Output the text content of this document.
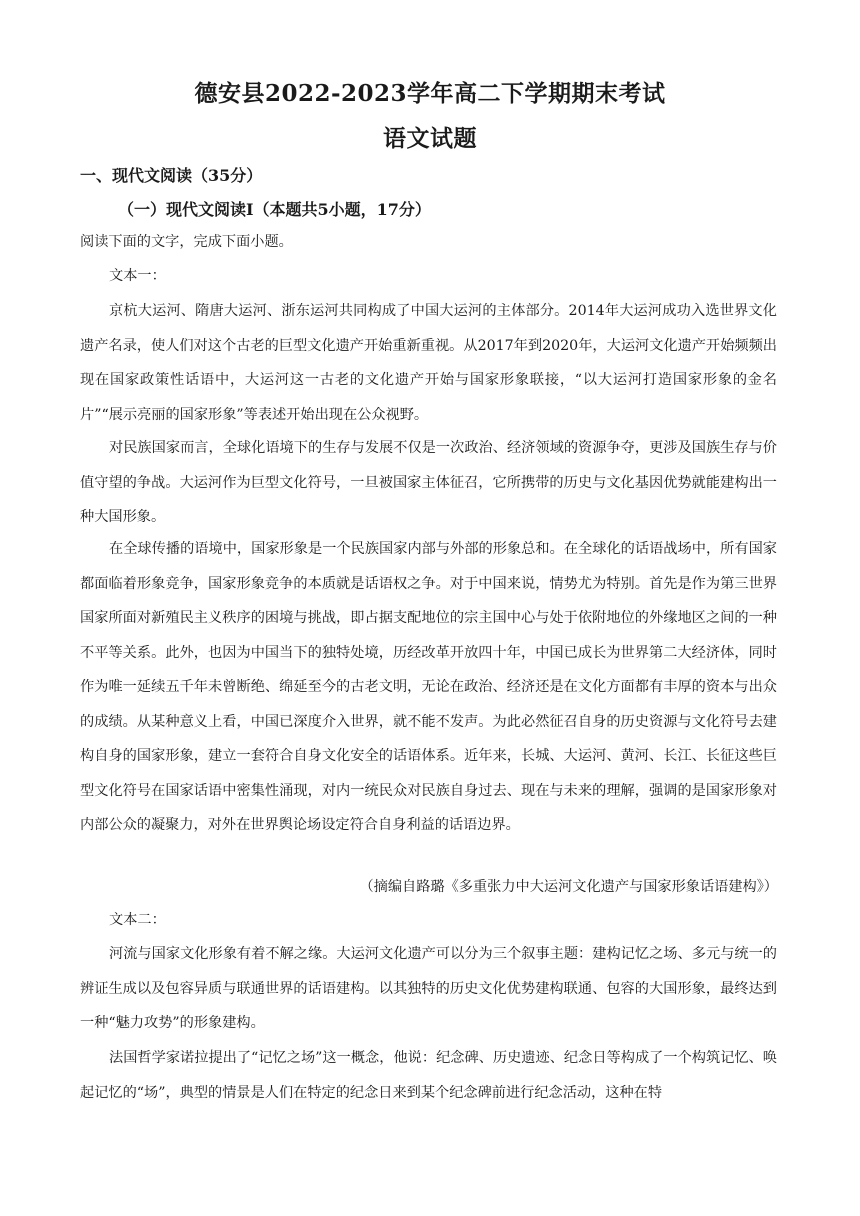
德安县2022-2023学年高二下学期期末考试
语文试题
一、现代文阅读（35分）
（一）现代文阅读Ⅰ（本题共5小题，17分）
阅读下面的文字，完成下面小题。
文本一：
京杭大运河、隋唐大运河、浙东运河共同构成了中国大运河的主体部分。2014年大运河成功入选世界文化遗产名录，使人们对这个古老的巨型文化遗产开始重新重视。从2017年到2020年，大运河文化遗产开始频频出现在国家政策性话语中，大运河这一古老的文化遗产开始与国家形象联接，“以大运河打造国家形象的金名片”“展示亮丽的国家形象”等表述开始出现在公众视野。
对民族国家而言，全球化语境下的生存与发展不仅是一次政治、经济领域的资源争夺，更涉及国族生存与价值守望的争战。大运河作为巨型文化符号，一旦被国家主体征召，它所携带的历史与文化基因优势就能建构出一种大国形象。
在全球传播的语境中，国家形象是一个民族国家内部与外部的形象总和。在全球化的话语战场中，所有国家都面临着形象竞争，国家形象竞争的本质就是话语权之争。对于中国来说，情势尤为特别。首先是作为第三世界国家所面对新殖民主义秩序的困境与挑战，即占据支配地位的宗主国中心与处于依附地位的外缘地区之间的一种不平等关系。此外，也因为中国当下的独特处境，历经改革开放四十年，中国已成长为世界第二大经济体，同时作为唯一延续五千年未曾断绝、绵延至今的古老文明，无论在政治、经济还是在文化方面都有丰厚的资本与出众的成绩。从某种意义上看，中国已深度介入世界，就不能不发声。为此必然征召自身的历史资源与文化符号去建构自身的国家形象，建立一套符合自身文化安全的话语体系。近年来，长城、大运河、黄河、长江、长征这些巨型文化符号在国家话语中密集性涌现，对内一统民众对民族自身过去、现在与未来的理解，强调的是国家形象对内部公众的凝聚力，对外在世界舆论场设定符合自身利益的话语边界。
（摘编自路璐《多重张力中大运河文化遗产与国家形象话语建构》）
文本二：
河流与国家文化形象有着不解之缘。大运河文化遗产可以分为三个叙事主题：建构记忆之场、多元与统一的辨证生成以及包容异质与联通世界的话语建构。以其独特的历史文化优势建构联通、包容的大国形象，最终达到一种“魅力攻势”的形象建构。
法国哲学家诺拉提出了“记忆之场”这一概念，他说：纪念碑、历史遗迹、纪念日等构成了一个构筑记忆、唤起记忆的“场”，典型的情景是人们在特定的纪念日来到某个纪念碑前进行纪念活动，这种在特
